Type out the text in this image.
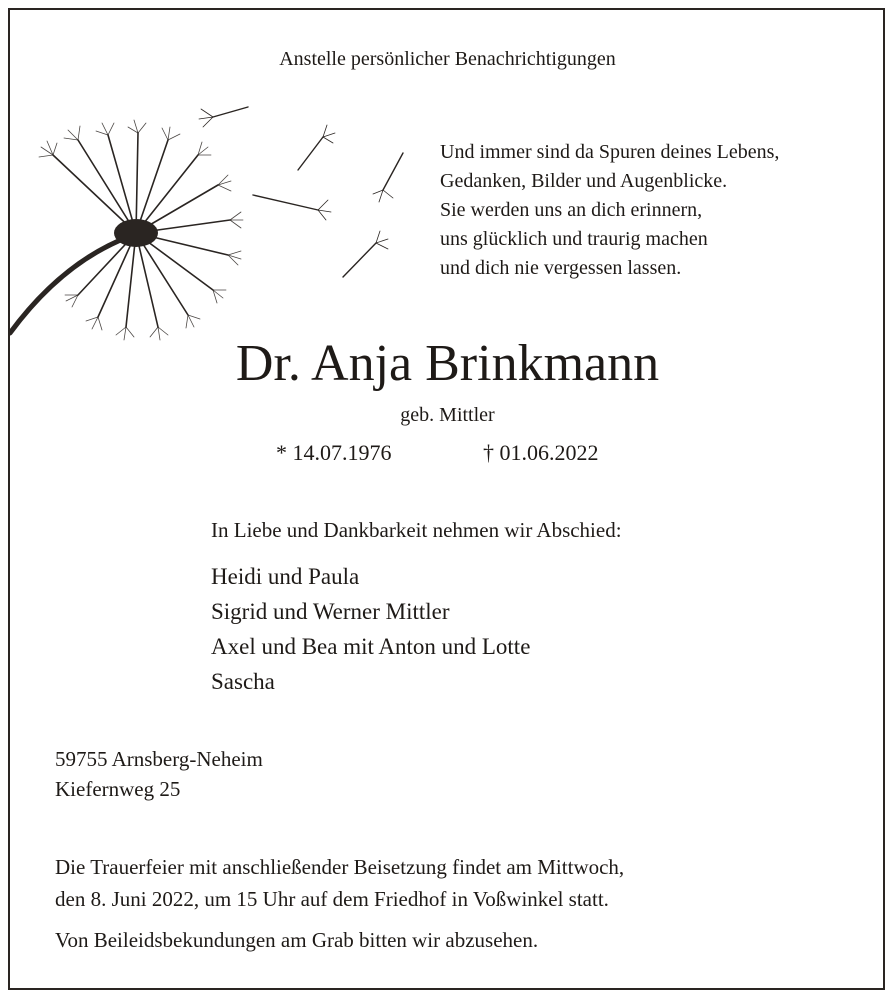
Anstelle persönlicher Benachrichtigungen
Und immer sind da Spuren deines Lebens,
Gedanken, Bilder und Augenblicke.
Sie werden uns an dich erinnern,
uns glücklich und traurig machen
und dich nie vergessen lassen.
Dr. Anja Brinkmann
geb. Mittler
* 14.07.1976	† 01.06.2022
In Liebe und Dankbarkeit nehmen wir Abschied:
Heidi und Paula
Sigrid und Werner Mittler
Axel und Bea mit Anton und Lotte
Sascha
59755 Arnsberg-Neheim
Kiefernweg 25
Die Trauerfeier mit anschließender Beisetzung findet am Mittwoch,
den 8. Juni 2022, um 15 Uhr auf dem Friedhof in Voßwinkel statt.
Von Beileidsbekundungen am Grab bitten wir abzusehen.
